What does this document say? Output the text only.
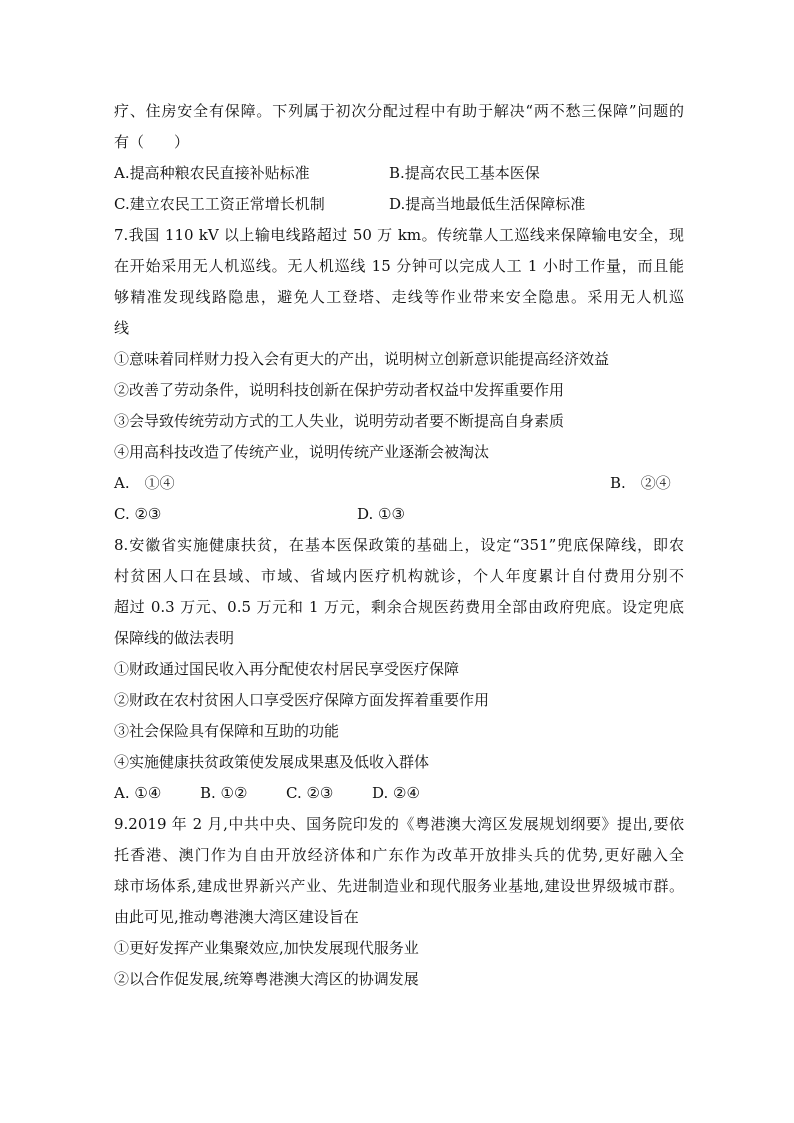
疗、住房安全有保障。下列属于初次分配过程中有助于解决“两不愁三保障”问题的
有（　　）
A.提高种粮农民直接补贴标准	B.提高农民工基本医保
C.建立农民工工资正常增长机制	D.提高当地最低生活保障标准
7.我国 110 kV 以上输电线路超过 50 万 km。传统靠人工巡线来保障输电安全，现
在开始采用无人机巡线。无人机巡线 15 分钟可以完成人工 1 小时工作量，而且能
够精准发现线路隐患，避免人工登塔、走线等作业带来安全隐患。采用无人机巡
线
①意味着同样财力投入会有更大的产出，说明树立创新意识能提高经济效益
②改善了劳动条件，说明科技创新在保护劳动者权益中发挥重要作用
③会导致传统劳动方式的工人失业，说明劳动者要不断提高自身素质
④用高科技改造了传统产业，说明传统产业逐渐会被淘汰
A.　①④	B.　②④
C. ②③	D. ①③
8.安徽省实施健康扶贫，在基本医保政策的基础上，设定“351”兜底保障线，即农
村贫困人口在县域、市域、省域内医疗机构就诊，个人年度累计自付费用分别不
超过 0.3 万元、0.5 万元和 1 万元，剩余合规医药费用全部由政府兜底。设定兜底
保障线的做法表明
①财政通过国民收入再分配使农村居民享受医疗保障
②财政在农村贫困人口享受医疗保障方面发挥着重要作用
③社会保险具有保障和互助的功能
④实施健康扶贫政策使发展成果惠及低收入群体
A. ①④	B. ①②	C. ②③	D. ②④
9.2019 年 2 月,中共中央、国务院印发的《粤港澳大湾区发展规划纲要》提出,要依
托香港、澳门作为自由开放经济体和广东作为改革开放排头兵的优势,更好融入全
球市场体系,建成世界新兴产业、先进制造业和现代服务业基地,建设世界级城市群。
由此可见,推动粤港澳大湾区建设旨在
①更好发挥产业集聚效应,加快发展现代服务业
②以合作促发展,统筹粤港澳大湾区的协调发展
